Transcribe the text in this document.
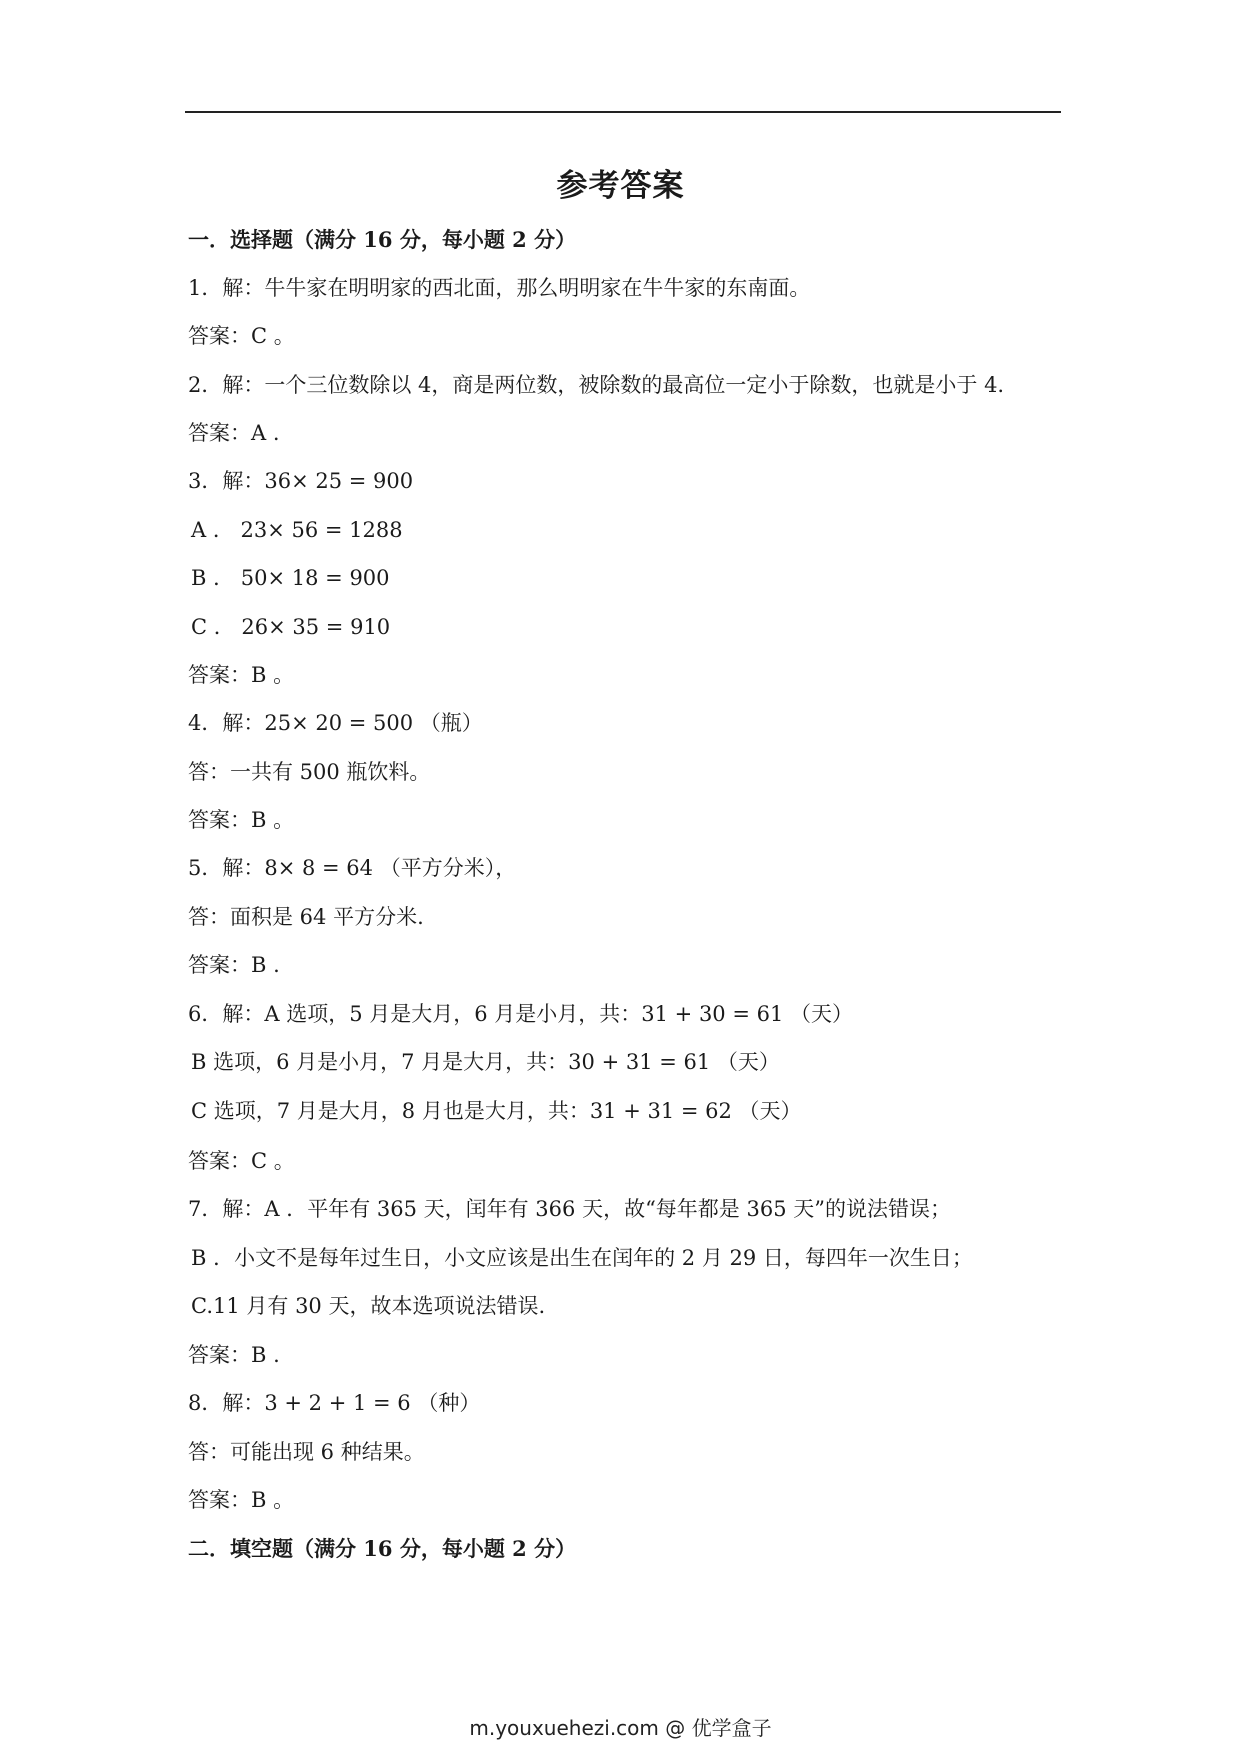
参考答案
一．选择题（满分 16 分，每小题 2 分）
1．解：牛牛家在明明家的西北面，那么明明家在牛牛家的东南面。
答案：C 。
2．解：一个三位数除以 4，商是两位数，被除数的最高位一定小于除数，也就是小于 4.
答案：A .
3．解：36× 25 = 900
A ． 23× 56 = 1288
B ． 50× 18 = 900
C ． 26× 35 = 910
答案：B 。
4．解：25× 20 = 500 （瓶）
答：一共有 500 瓶饮料。
答案：B 。
5．解：8× 8 = 64 （平方分米），
答：面积是 64 平方分米.
答案：B .
6．解：A 选项，5 月是大月，6 月是小月，共：31 + 30 = 61 （天）
B 选项，6 月是小月，7 月是大月，共：30 + 31 = 61 （天）
C 选项，7 月是大月，8 月也是大月，共：31 + 31 = 62 （天）
答案：C 。
7．解：A ．平年有 365 天，闰年有 366 天，故“每年都是 365 天”的说法错误；
B ．小文不是每年过生日，小文应该是出生在闰年的 2 月 29 日，每四年一次生日；
C.11 月有 30 天，故本选项说法错误.
答案：B .
8．解：3 + 2 + 1 = 6 （种）
答：可能出现 6 种结果。
答案：B 。
二．填空题（满分 16 分，每小题 2 分）
m.youxuehezi.com @ 优学盒子
